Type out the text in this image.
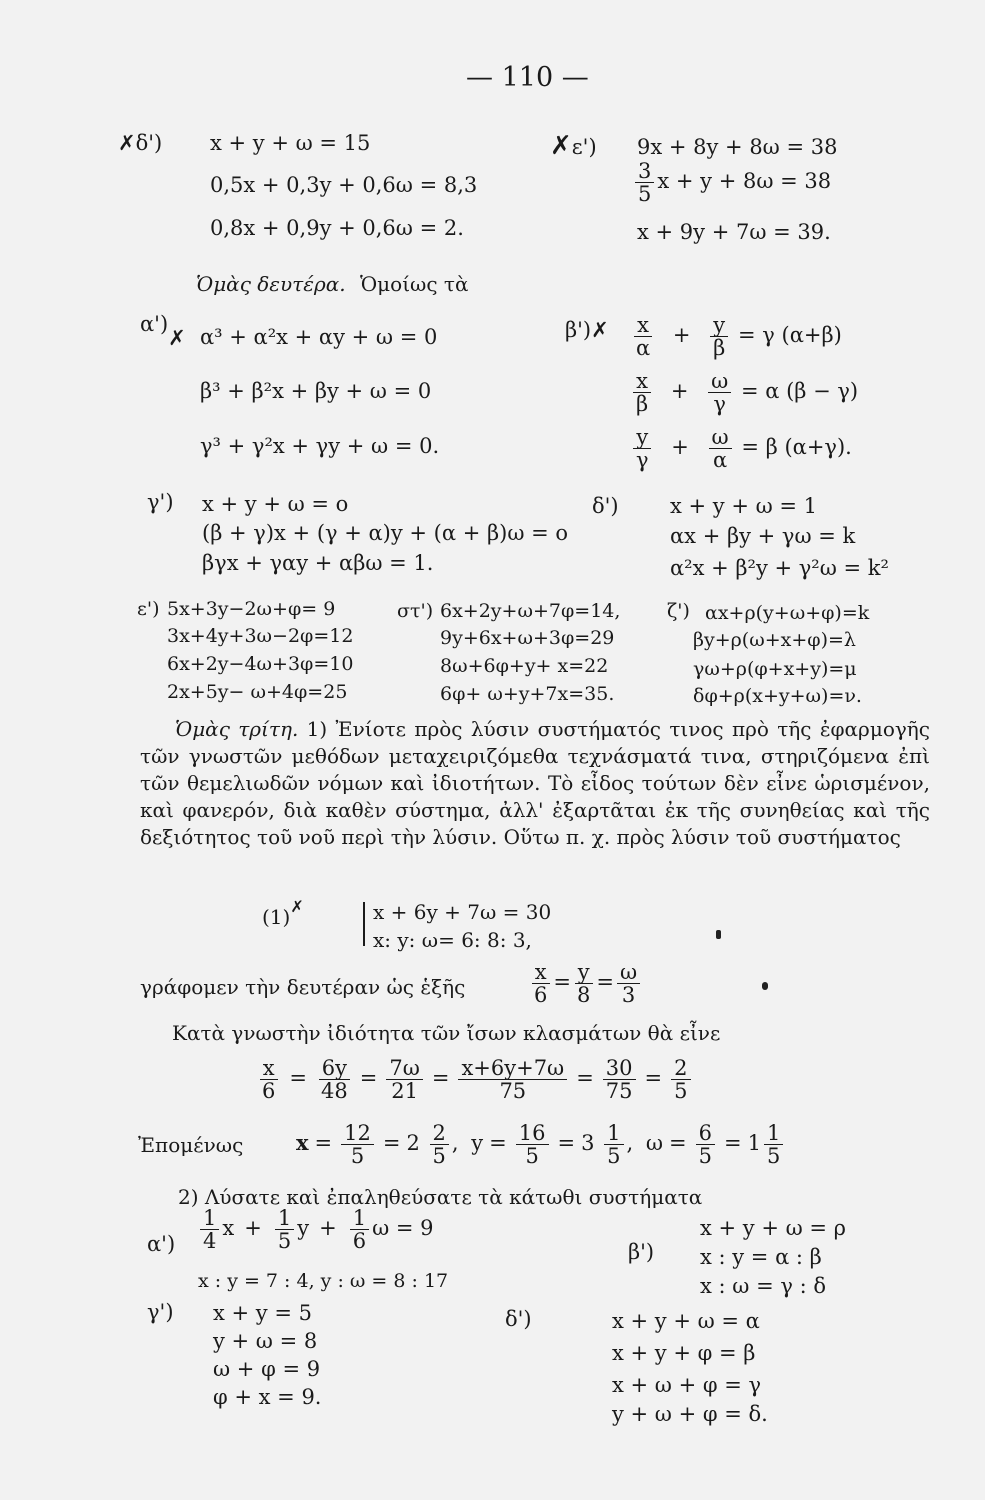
— 110 —
✗δ') x + y + ω = 15
0,5x + 0,3y + 0,6ω = 8,3
0,8x + 0,9y + 0,6ω = 2.
✗ε') 9x + 8y + 8ω = 38
$\frac{3}{5}$ x + y + 8ω = 38
x + 9y + 7ω = 39.
Ὁμὰς δευτέρα. Ὁμοίως τὰ
α')✗ α³ + α²x + αy + ω = 0
β³ + β²x + βy + ω = 0
γ³ + γ²x + γy + ω = 0.
β')✗ $\frac{x}{\alpha} + \frac{y}{\beta} = \gamma$ (α+β)
$\frac{x}{\beta} + \frac{\omega}{\gamma} = \alpha$ (β − γ)
$\frac{y}{\gamma} + \frac{\omega}{\alpha} = \beta$ (α+γ).
γ') x + y + ω = o
(β + γ)x + (γ + α)y + (α + β)ω = o
βγx + γαy + αβω = 1.
δ') x + y + ω = 1
αx + βy + γω = k
α²x + β²y + γ²ω = k²
ε') 5x+3y−2ω+φ= 9
3x+4y+3ω−2φ=12
6x+2y−4ω+3φ=10
2x+5y− ω+4φ=25
στ') 6x+2y+ω+7φ=14,
9y+6x+ω+3φ=29
8ω+6φ+y+ x=22
6φ+ ω+y+7x=35.
ζ') αx+ρ(y+ω+φ)=k
βy+ρ(ω+x+φ)=λ
γω+ρ(φ+x+y)=μ
δφ+ρ(x+y+ω)=ν.
Ὁμὰς τρίτη. 1) Ἐνίοτε πρὸς λύσιν συστήματός τινος πρὸ τῆς ἐφαρμογῆς τῶν γνωστῶν μεθόδων μεταχειριζόμεθα τεχνάσματά τινα, στηριζόμενα ἐπὶ τῶν θεμελιωδῶν νόμων καὶ ἰδιοτήτων. Τὸ εἶδος τούτων δὲν εἶνε ὡρισμένον, καὶ φανερόν, διὰ καθὲν σύστημα, ἀλλ' ἐξαρτᾶται ἐκ τῆς συνηθείας καὶ τῆς δεξιότητος τοῦ νοῦ περὶ τὴν λύσιν. Οὕτω π. χ. πρὸς λύσιν τοῦ συστήματος
(1)✗	x + 6y + 7ω = 30
x: y: ω= 6: 8: 3,
γράφομεν τὴν δευτέραν ὡς ἑξῆς	$\frac{x}{6} = \frac{y}{8} = \frac{\omega}{3}$
Κατὰ γνωστὴν ἰδιότητα τῶν ἴσων κλασμάτων θὰ εἶνε
$\frac{x}{6} = \frac{6y}{48} = \frac{7\omega}{21} = \frac{x+6y+7\omega}{75} = \frac{30}{75} = \frac{2}{5}$
Ἐπομένως	$x = \frac{12}{5} = 2 \frac{2}{5}$ , $y = \frac{16}{5} = 3 \frac{1}{5}$ , $\omega = \frac{6}{5} = 1 \frac{1}{5}$
2) Λύσατε καὶ ἐπαληθεύσατε τὰ κάτωθι συστήματα
$\alpha') \frac{1}{4}$ $x + \frac{1}{5}$ $y + \frac{1}{6}$ ω = 9
x : y = 7 : 4, y : ω = 8 : 17
β')
x + y + ω = ρ
x : y = α : β
x : ω = γ : δ
γ') x + y = 5
y + ω = 8
ω + φ = 9
φ + x = 9.
δ')	x + y + ω = α
x + y + φ = β
x + ω + φ = γ
y + ω + φ = δ.
